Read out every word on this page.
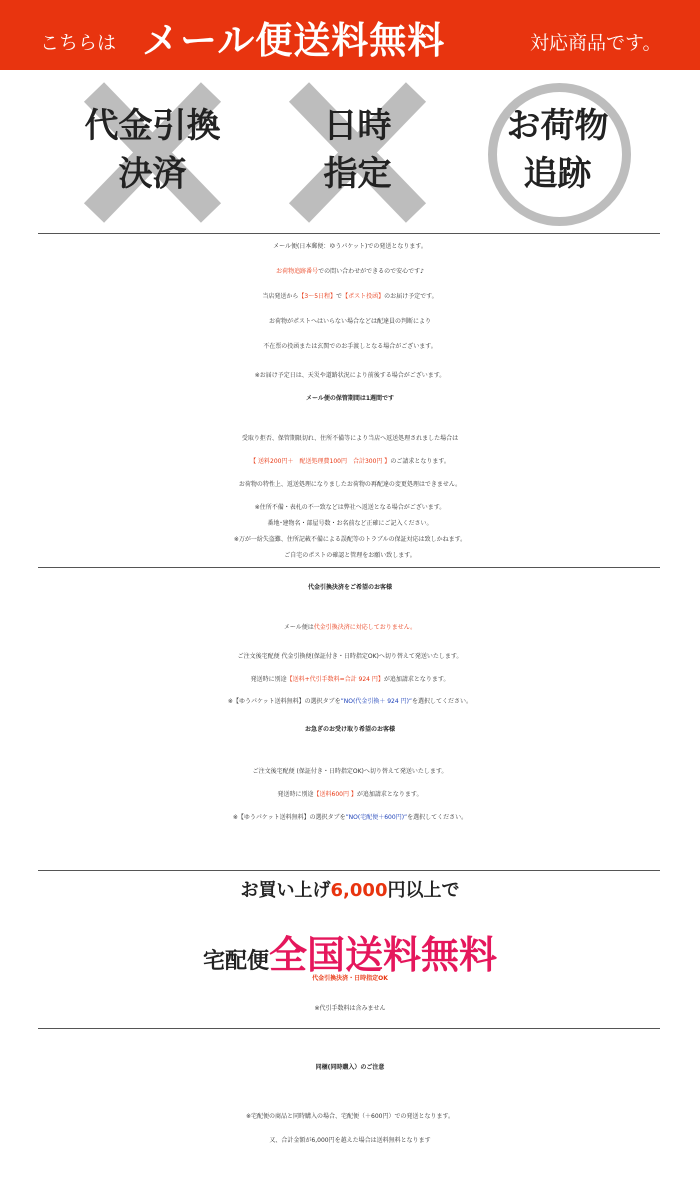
こちらは メール便送料無料	対応商品です。
代金引換
決済
日時
指定
お荷物
追跡
メール便(日本郵便：ゆうパケット)での発送となります。
お荷物追跡番号での問い合わせができるので安心です♪
当店発送から【3〜5日程】で【ポスト投函】のお届け予定です。
お荷物がポストへはいらない場合などは配達員の判断により
不在票の投函または玄関でのお手渡しとなる場合がございます。
※お届け予定日は、天災や道路状況により前後する場合がございます。
メール便の保管期間は1週間です
受取り拒否、保管期限切れ、住所不備等により当店へ返送処理されました場合は
【 送料200円＋　配送処理費100円　合計300円 】のご請求となります。
お荷物の特性上、返送処理になりましたお荷物の再配達の変更処理はできません。
※住所不備・表札の不一致などは弊社へ返送となる場合がございます。
番地･建物名・部屋号数・お名前など正確にご記入ください。
※万が一紛失盗難、住所記載不備による誤配等のトラブルの保証対応は致しかねます。
ご自宅のポストの確認と管理をお願い致します。
代金引換決済をご希望のお客様
メール便は代金引換決済に対応しておりません。
ご注文後宅配便 代金引換便(保証付き・日時指定OK)へ切り替えて発送いたします。
発送時に別途【送料+代引手数料=合計 924 円】が追加請求となります。
※【ゆうパケット送料無料】の選択タブを”NO(代金引換＋ 924 円)”を選択してください。
お急ぎのお受け取り希望のお客様
ご注文後宅配便 (保証付き・日時指定OK)へ切り替えて発送いたします。
発送時に別途【送料600円 】が追加請求となります。
※【ゆうパケット送料無料】の選択タブを”NO(宅配便＋600円)”を選択してください。
お買い上げ6,000円以上で
宅配便全国送料無料
代金引換決済・日時指定OK
※代引手数料は含みません
同梱(同時購入）のご注意
※宅配便の商品と同時購入の場合、宅配便（＋600円）での発送となります。
又、合計金額が6,000円を越えた場合は送料無料となります
